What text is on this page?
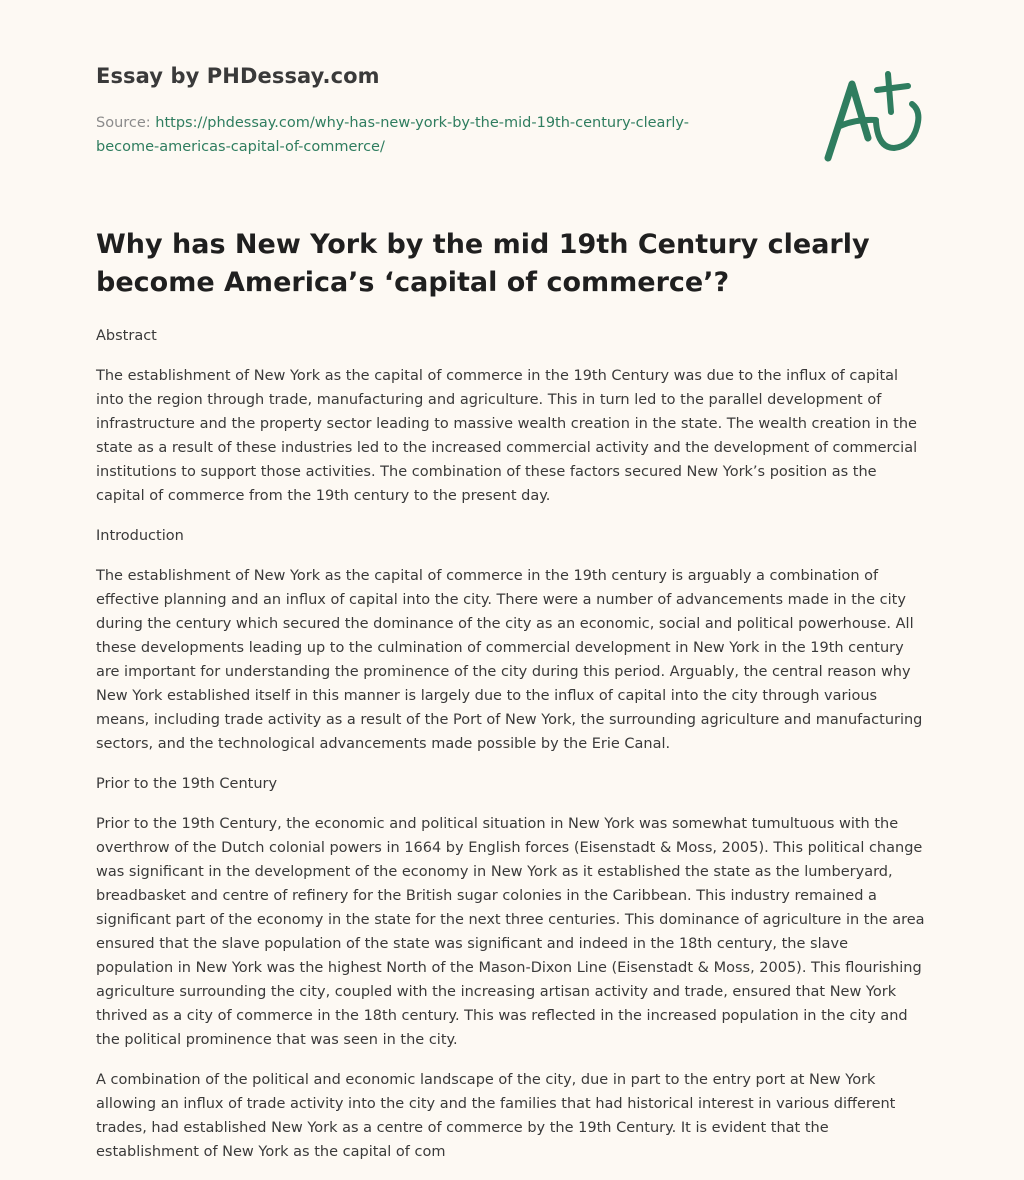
Essay by PHDessay.com
Source: https://phdessay.com/why-has-new-york-by-the-mid-19th-century-clearly-become-americas-capital-of-commerce/
Why has New York by the mid 19th Century clearly become America’s ‘capital of commerce’?

Abstract

The establishment of New York as the capital of commerce in the 19th Century was due to the influx of capital into the region through trade, manufacturing and agriculture. This in turn led to the parallel development of infrastructure and the property sector leading to massive wealth creation in the state. The wealth creation in the state as a result of these industries led to the increased commercial activity and the development of commercial institutions to support those activities. The combination of these factors secured New York’s position as the capital of commerce from the 19th century to the present day.

Introduction

The establishment of New York as the capital of commerce in the 19th century is arguably a combination of effective planning and an influx of capital into the city. There were a number of advancements made in the city during the century which secured the dominance of the city as an economic, social and political powerhouse. All these developments leading up to the culmination of commercial development in New York in the 19th century are important for understanding the prominence of the city during this period. Arguably, the central reason why New York established itself in this manner is largely due to the influx of capital into the city through various means, including trade activity as a result of the Port of New York, the surrounding agriculture and manufacturing sectors, and the technological advancements made possible by the Erie Canal.

Prior to the 19th Century

Prior to the 19th Century, the economic and political situation in New York was somewhat tumultuous with the overthrow of the Dutch colonial powers in 1664 by English forces (Eisenstadt & Moss, 2005). This political change was significant in the development of the economy in New York as it established the state as the lumberyard, breadbasket and centre of refinery for the British sugar colonies in the Caribbean. This industry remained a significant part of the economy in the state for the next three centuries. This dominance of agriculture in the area ensured that the slave population of the state was significant and indeed in the 18th century, the slave population in New York was the highest North of the Mason-Dixon Line (Eisenstadt & Moss, 2005). This flourishing agriculture surrounding the city, coupled with the increasing artisan activity and trade, ensured that New York thrived as a city of commerce in the 18th century. This was reflected in the increased population in the city and the political prominence that was seen in the city.

A combination of the political and economic landscape of the city, due in part to the entry port at New York allowing an influx of trade activity into the city and the families that had historical interest in various different trades, had established New York as a centre of commerce by the 19th Century. It is evident that the establishment of New York as the capital of com
